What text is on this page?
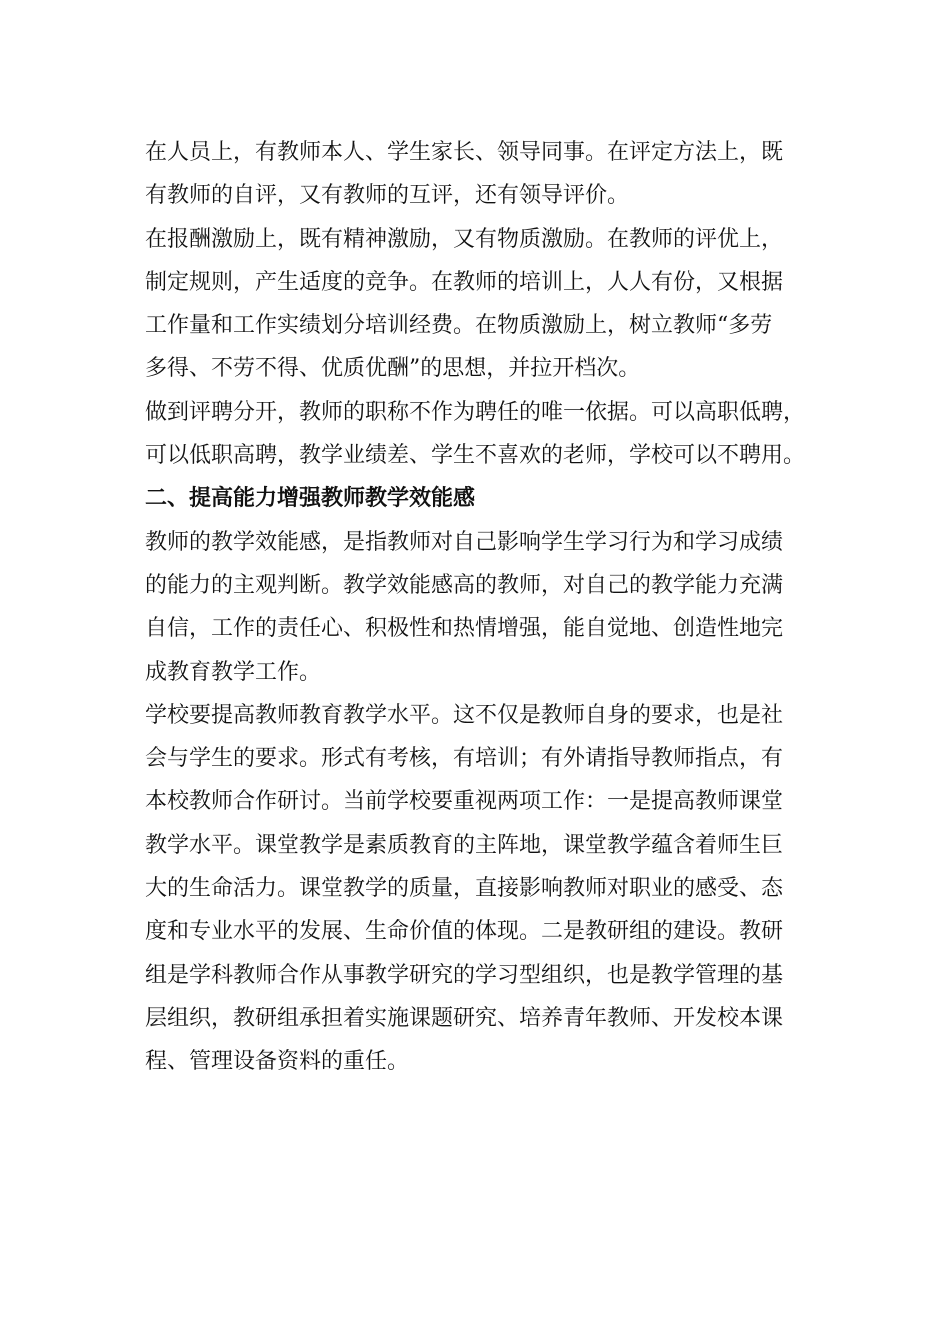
在人员上，有教师本人、学生家长、领导同事。在评定方法上，既
有教师的自评，又有教师的互评，还有领导评价。
在报酬激励上，既有精神激励，又有物质激励。在教师的评优上，
制定规则，产生适度的竞争。在教师的培训上，人人有份，又根据
工作量和工作实绩划分培训经费。在物质激励上，树立教师“多劳
多得、不劳不得、优质优酬”的思想，并拉开档次。
做到评聘分开，教师的职称不作为聘任的唯一依据。可以高职低聘，
可以低职高聘，教学业绩差、学生不喜欢的老师，学校可以不聘用。
二、提高能力增强教师教学效能感
教师的教学效能感，是指教师对自己影响学生学习行为和学习成绩
的能力的主观判断。教学效能感高的教师，对自己的教学能力充满
自信，工作的责任心、积极性和热情增强，能自觉地、创造性地完
成教育教学工作。
学校要提高教师教育教学水平。这不仅是教师自身的要求，也是社
会与学生的要求。形式有考核，有培训；有外请指导教师指点，有
本校教师合作研讨。当前学校要重视两项工作：一是提高教师课堂
教学水平。课堂教学是素质教育的主阵地，课堂教学蕴含着师生巨
大的生命活力。课堂教学的质量，直接影响教师对职业的感受、态
度和专业水平的发展、生命价值的体现。二是教研组的建设。教研
组是学科教师合作从事教学研究的学习型组织，也是教学管理的基
层组织，教研组承担着实施课题研究、培养青年教师、开发校本课
程、管理设备资料的重任。
